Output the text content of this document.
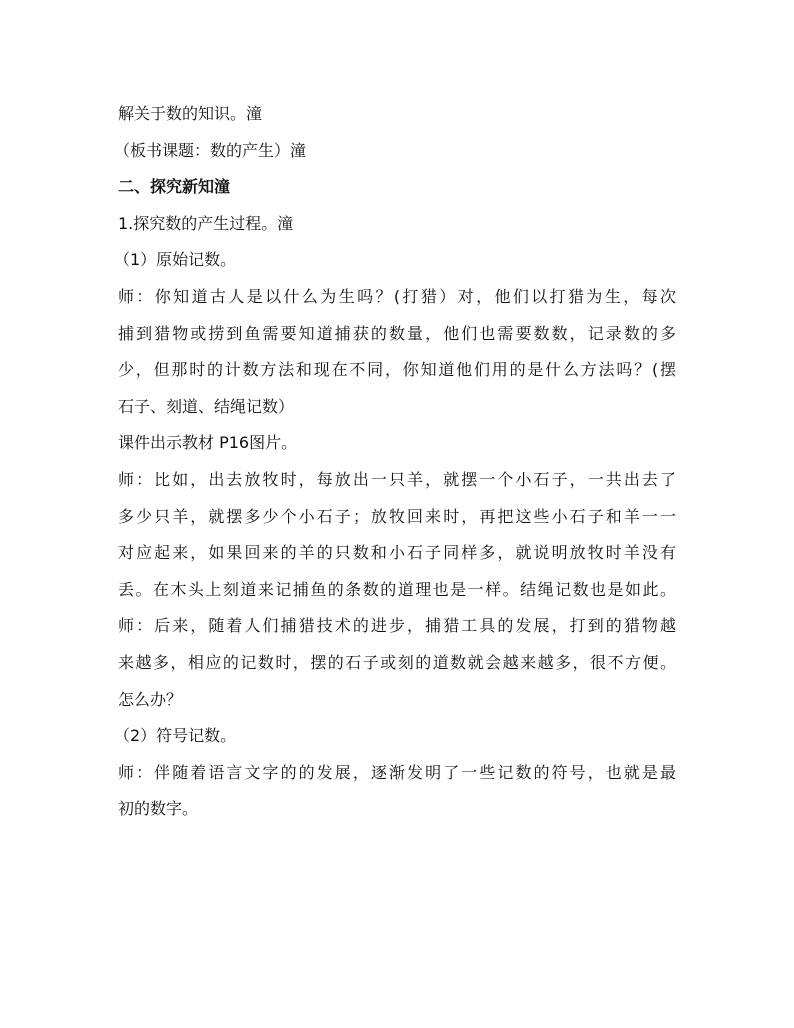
解关于数的知识。潼
（板书课题：数的产生）潼
二、探究新知潼
1.探究数的产生过程。潼
（1）原始记数。
师：你知道古人是以什么为生吗？(打猎）对，他们以打猎为生，每次
捕到猎物或捞到鱼需要知道捕获的数量，他们也需要数数，记录数的多
少，但那时的计数方法和现在不同，你知道他们用的是什么方法吗？(摆
石子、刻道、结绳记数）
课件出示教材 P16图片。
师：比如，出去放牧时，每放出一只羊，就摆一个小石子，一共出去了
多少只羊，就摆多少个小石子；放牧回来时，再把这些小石子和羊一一
对应起来，如果回来的羊的只数和小石子同样多，就说明放牧时羊没有
丢。在木头上刻道来记捕鱼的条数的道理也是一样。结绳记数也是如此。
师：后来，随着人们捕猎技术的进步，捕猎工具的发展，打到的猎物越
来越多，相应的记数时，摆的石子或刻的道数就会越来越多，很不方便。
怎么办？
（2）符号记数。
师：伴随着语言文字的的发展，逐渐发明了一些记数的符号，也就是最
初的数字。
